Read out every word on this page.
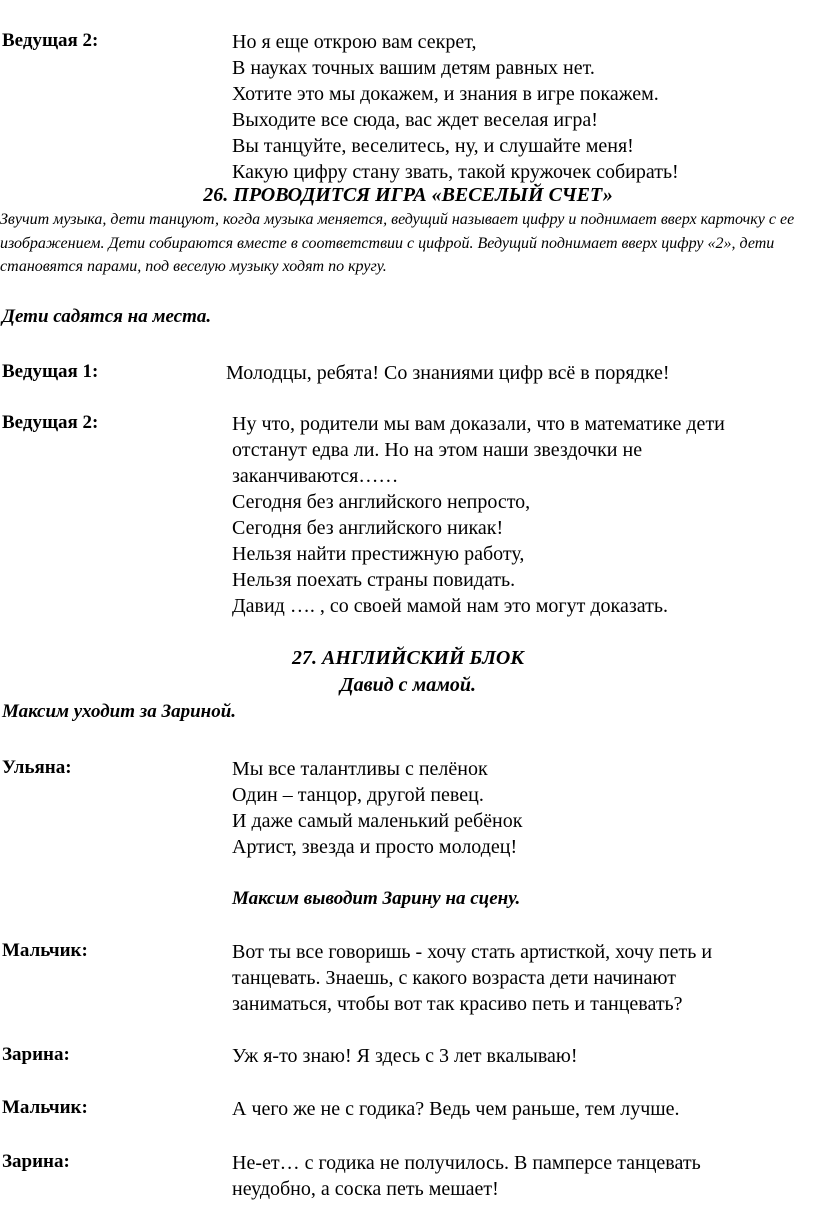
Ведущая 2:	Но я еще открою вам секрет,
В науках точных вашим детям равных нет.
Хотите это мы докажем, и знания в игре покажем.
Выходите все сюда, вас ждет веселая игра!
Вы танцуйте, веселитесь, ну, и слушайте меня!
Какую цифру стану звать, такой кружочек собирать!
26. ПРОВОДИТСЯ ИГРА «ВЕСЕЛЫЙ СЧЕТ»
Звучит музыка, дети танцуют, когда музыка меняется, ведущий называет цифру и поднимает вверх карточку с ее изображением. Дети собираются вместе в соответствии с цифрой. Ведущий поднимает вверх цифру «2», дети становятся парами, под веселую музыку ходят по кругу.
Дети садятся на места.
Ведущая 1:	Молодцы, ребята! Со знаниями цифр всё в порядке!
Ведущая 2:	Ну что, родители мы вам доказали, что в математике дети
отстанут едва ли. Но на этом наши звездочки не
заканчиваются……
Сегодня без английского непросто,
Сегодня без английского никак!
Нельзя найти престижную работу,
Нельзя поехать страны повидать.
Давид …. , со своей мамой нам это могут доказать.
27. АНГЛИЙСКИЙ БЛОК
Давид с мамой.
Максим уходит за Зариной.
Ульяна:	Мы все талантливы с пелёнок
Один – танцор, другой певец.
И даже самый маленький ребёнок
Артист, звезда и просто молодец!
Максим выводит Зарину на сцену.
Мальчик:	Вот ты все говоришь - хочу стать артисткой, хочу петь и
танцевать. Знаешь, с какого возраста дети начинают
заниматься, чтобы вот так красиво петь и танцевать?
Зарина:	Уж я-то знаю! Я здесь с 3 лет вкалываю!
Мальчик:	А чего же не с годика? Ведь чем раньше, тем лучше.
Зарина:	Не-ет… с годика не получилось. В памперсе танцевать
неудобно, а соска петь мешает!
